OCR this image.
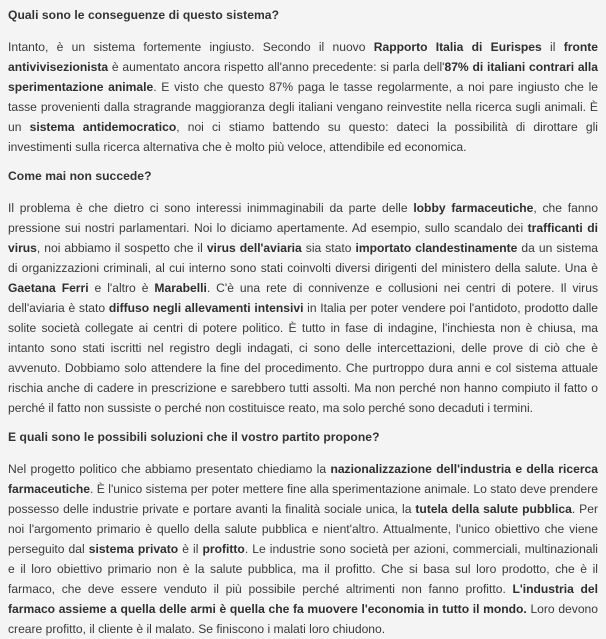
Quali sono le conseguenze di questo sistema?

Intanto, è un sistema fortemente ingiusto. Secondo il nuovo Rapporto Italia di Eurispes il fronte antivivisezionista è aumentato ancora rispetto all'anno precedente: si parla dell'87% di italiani contrari alla sperimentazione animale. E visto che questo 87% paga le tasse regolarmente, a noi pare ingiusto che le tasse provenienti dalla stragrande maggioranza degli italiani vengano reinvestite nella ricerca sugli animali. È un sistema antidemocratico, noi ci stiamo battendo su questo: dateci la possibilità di dirottare gli investimenti sulla ricerca alternativa che è molto più veloce, attendibile ed economica.

Come mai non succede?

Il problema è che dietro ci sono interessi inimmaginabili da parte delle lobby farmaceutiche, che fanno pressione sui nostri parlamentari. Noi lo diciamo apertamente. Ad esempio, sullo scandalo dei trafficanti di virus, noi abbiamo il sospetto che il virus dell'aviaria sia stato importato clandestinamente da un sistema di organizzazioni criminali, al cui interno sono stati coinvolti diversi dirigenti del ministero della salute. Una è Gaetana Ferri e l'altro è Marabelli. C'è una rete di connivenze e collusioni nei centri di potere. Il virus dell'aviaria è stato diffuso negli allevamenti intensivi in Italia per poter vendere poi l'antidoto, prodotto dalle solite società collegate ai centri di potere politico. È tutto in fase di indagine, l'inchiesta non è chiusa, ma intanto sono stati iscritti nel registro degli indagati, ci sono delle intercettazioni, delle prove di ciò che è avvenuto. Dobbiamo solo attendere la fine del procedimento. Che purtroppo dura anni e col sistema attuale rischia anche di cadere in prescrizione e sarebbero tutti assolti. Ma non perché non hanno compiuto il fatto o perché il fatto non sussiste o perché non costituisce reato, ma solo perché sono decaduti i termini.

E quali sono le possibili soluzioni che il vostro partito propone?

Nel progetto politico che abbiamo presentato chiediamo la nazionalizzazione dell'industria e della ricerca farmaceutiche. È l'unico sistema per poter mettere fine alla sperimentazione animale. Lo stato deve prendere possesso delle industrie private e portare avanti la finalità sociale unica, la tutela della salute pubblica. Per noi l'argomento primario è quello della salute pubblica e nient'altro. Attualmente, l'unico obiettivo che viene perseguito dal sistema privato è il profitto. Le industrie sono società per azioni, commerciali, multinazionali e il loro obiettivo primario non è la salute pubblica, ma il profitto. Che si basa sul loro prodotto, che è il farmaco, che deve essere venduto il più possibile perché altrimenti non fanno profitto. L'industria del farmaco assieme a quella delle armi è quella che fa muovere l'economia in tutto il mondo. Loro devono creare profitto, il cliente è il malato. Se finiscono i malati loro chiudono.
